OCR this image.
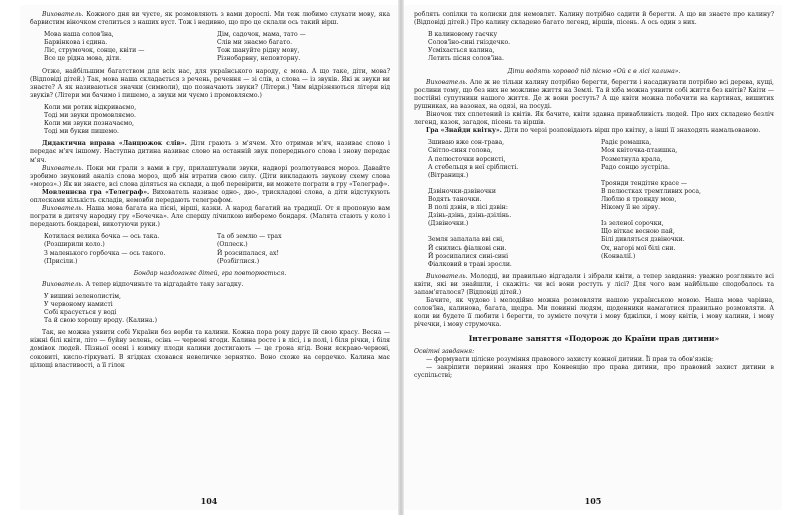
Вихователь. Кожного дня ви чуєте, як розмовляють з вами дорослі. Ми теж любимо слухати мову, яка барвистим віночком стелиться з наших вуст. Тож і недивно, що про це склали ось такий вірш.

Мова наша солов'їна,
Барвінкова і єдина.
Ліс, струмочок, сонце, квіти —
Все це рідна мова, діти.
Дім, садочок, мама, тато —
Слів ми знаємо багато.
Тож шануйте рідну мову,
Різнобарвну, неповторну.

Отже, найбільшим багатством для всіх нас, для українського народу, є мова. А що таке, діти, мова? (Відповіді дітей.) Так, мова наша складається з речень, речення — зі слів, а слова — із звуків. Які ж звуки ви знаєте? А як називаються значки (символи), що позначають звуки? (Літери.) Чим відрізняються літери від звуків? (Літери ми бачимо і пишемо, а звуки ми чуємо і промовляємо.)

Коли ми ротик відкриваємо,
Тоді ми звуки промовляємо.
Коли ми звуки позначаємо,
Тоді ми букви пишемо.

Дидактична вправа «Ланцюжок слів». Діти грають з м'ячем. Хто отримав м'яч, називає слово і передає м'яч іншому. Наступна дитина називає слово на останній звук попереднього слова і знову передає м'яч.

Вихователь. Поки ми грали з вами в гру, прилаштували звуки, надворі розлютувався мороз. Давайте зробимо звуковий аналіз слова мороз, щоб він втратив свою силу. (Діти викладають звукову схему слова «мороз».) Як ви знаєте, всі слова діляться на склади, а щоб перевірити, ви можете пограти в гру «Телеграф».

Мовленнєва гра «Телеграф». Вихователь називає одно-, дво-, трискладові слова, а діти відстукують оплесками кількість складів, немовби передають телеграфом.

Вихователь. Наша мова багата на пісні, вірші, казки. А народ багатий на традиції. От я пропоную вам пограти в дитячу народну гру «Бочечка». Але спершу лічилкою виберемо бондаря. (Малята стають у коло і передають бондареві, викотуючи руки.)

Котилася велика бочка — ось така.
(Розширили коло.)
З маленького горбочка — ось такого.
(Присіли.)
Та об землю — трах
(Оплеск.)
Й розсипалася, ах!
(Розбіглися.)
Бондар наздоганяє дітей, гра повторюється.

Вихователь. А тепер відпочиньте та відгадайте таку загадку.

У вишиві зеленолистім,
У червоному намисті
Собі красується у воді
Та й свою хорошу вроду. (Калина.)

Так, не можна уявити собі України без верби та калини. Кожна пора року дарує їй свою красу. Весна — ніжні білі квіти, літо — буйну зелень, осінь — червоні ягоди. Калина росте і в лісі, і в полі, і біля річки, і біля домівок людей. Пізньої осені і взимку плоди калини достигають — це грона ягід. Вони яскраво-червоні, соковиті, кисло-гіркуваті. В ягідках сховався невеличке зернятко. Воно схоже на сердечко. Калина має цілющі властивості, а її гілок

104

роблять сопілки та колиски для немовлят. Калину потрібно садити й берегти. А що ви знаєте про калину? (Відповіді дітей.) Про калину складено багато легенд, віршів, пісень. А ось один з них.

В калиновому гаєчку
Солов'їно-сині гніздечко.
Усміхається калина,
Летить пісня солов'їна.
Діти водять хоровод під пісню «Ой є в лісі калина».

Вихователь. Але ж не тільки калину потрібно берегти, берегти і насаджувати потрібно всі дерева, кущі, рослини тому, що без них не можливе життя на Землі. Та й хіба можна уявити собі життя без квітів? Квіти — постійні супутники нашого життя. Де ж вони ростуть? А ще квіти можна побачити на картинах, вишитих рушниках, на вазонах, на одязі, на посуді.

Віночок тих сплетений із квітів. Як бачите, квіти здавна привабливість людей. Про них складено безліч легенд, казок, загадок, пісень та віршів.

Гра «Знайди квітку». Діти по черзі розповідають вірш про квітку, а інші її знаходять намальованою.

Зшиваю вже сон-трава,
Світло-синя голова,
А пелюсточки ворсисті,
А стебельця в неї сріблисті.
(Вітраниця.)

Дзвіночки-дзвіночки
Водять таночки.
В полі дзвін, в лісі дзвін:
Дзінь-дзінь, дзінь-дзілінь.
(Дзвіночки.)

Земля запалала вві сні,
Й снились фіалкові сни.
Й розсипалися сині-сині
Фіалковий в траві зросли.
Радіє ромашка,
Моя квіточка-птаишка,
Розметнула крала,
Радо сонцю зустріла.

Троянди тендітне красе —
В пелюстках тремтливих роса,
Люблю я троянду мою,
Нікому її не зірву.

Із зеленої сорочки,
Що віткає весною пай,
Білі дивляться дзвіночки.
Ох, нагорі мої білі сни.
(Конвалії.)

Вихователь. Молодці, ви правильно відгадали і зібрали квіти, а тепер завдання: уважно розгляньте всі квіти, які ви знайшли, і скажіть: чи всі вони ростуть у лісі? Для чого вам найбільше сподобалось та запам'яталося? (Відповіді дітей.)

Бачите, як чудово і мелодійно можна розмовляти нашою українською мовою. Наша мова чарівна, солов'їна, калинова, багата, щедра. Ми повинні людям, щоденники намагатися правильно розмовляти. А коли ви будете її любити і берегти, то зумієте почути і мову бджілки, і мову квітів, і мову калини, і мову річечки, і мову струмочка.

Інтегроване заняття «Подорож до Країни прав дитини»

Освітні завдання:

— формувати цілісне розуміння правового захисту кожної дитини. Її прав та обов'язків;

— закріпити первинні знання про Конвенцію про права дитини, про правовий захист дитини в суспільстві;

105
